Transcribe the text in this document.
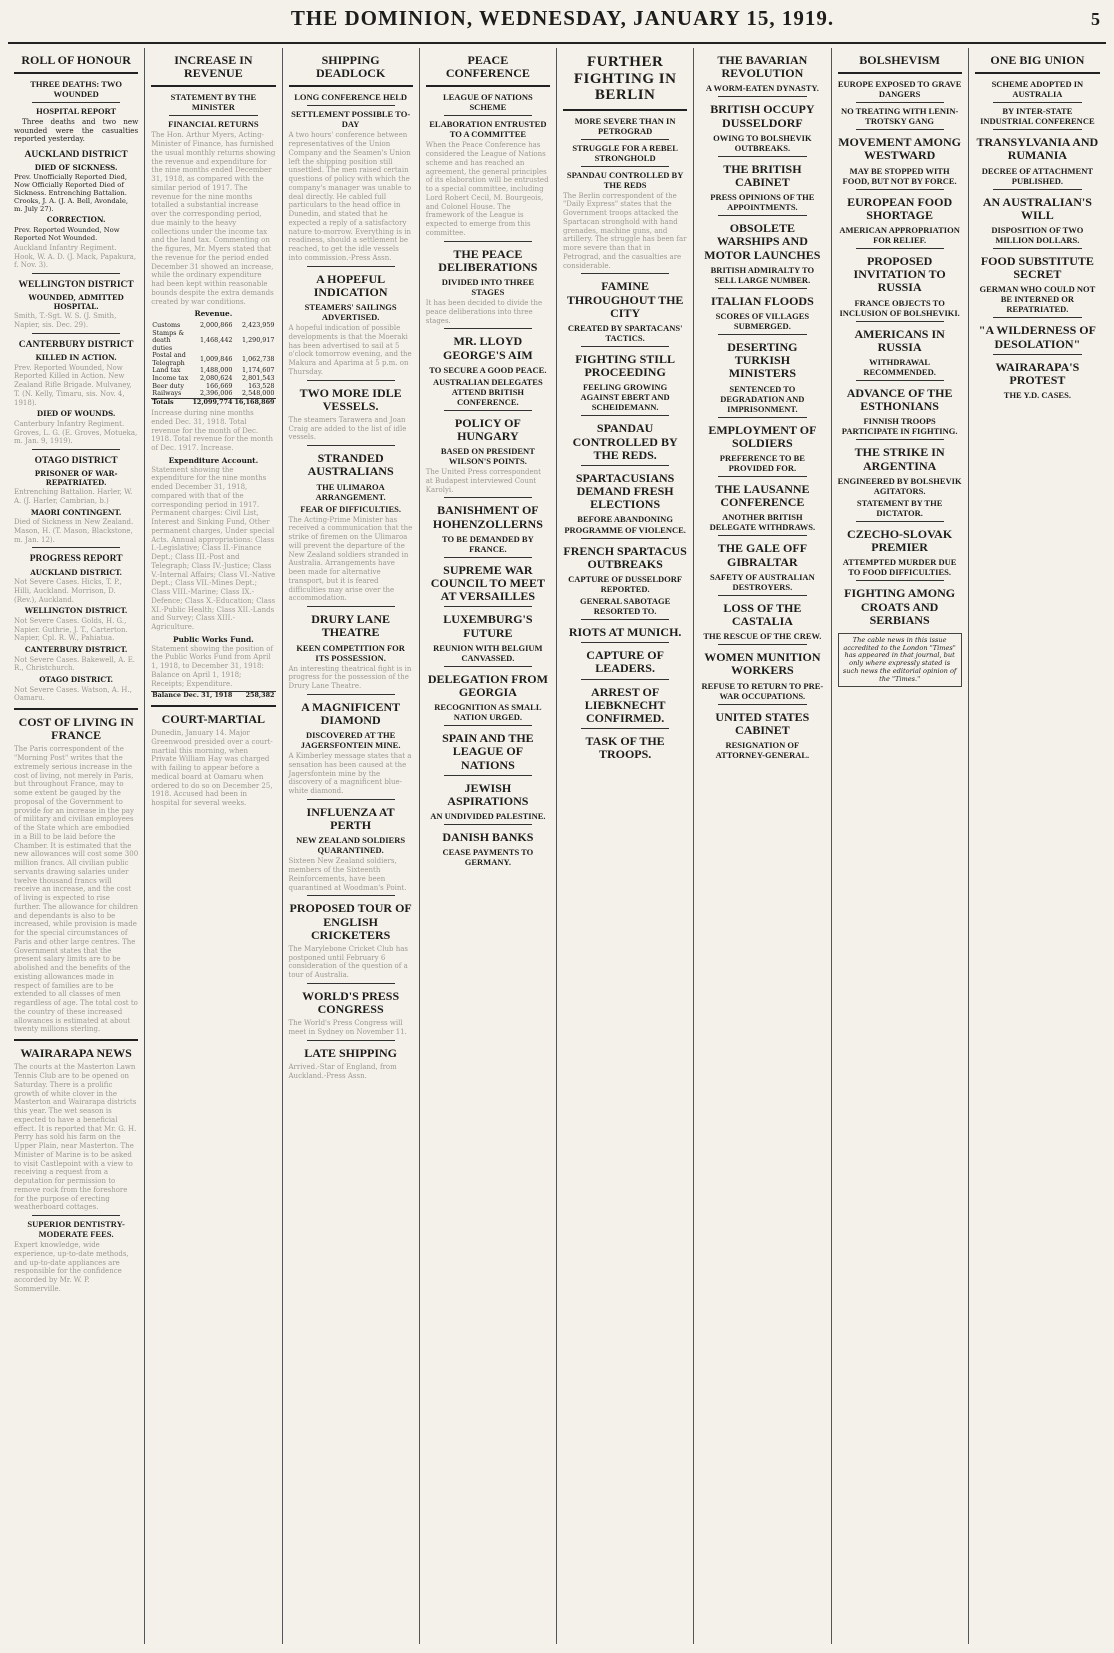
THE DOMINION, WEDNESDAY, JANUARY 15, 1919.	5
ROLL OF HONOUR
THREE DEATHS: TWO WOUNDED
HOSPITAL REPORT

Three deaths and two new wounded were the casualties reported yesterday.

AUCKLAND DISTRICT
DIED OF SICKNESS.
Prev. Unofficially Reported Died, Now Officially Reported Died of Sickness. Entrenching Battalion. Crooks, J. A. (J. A. Bell, Avondale, m. July 27).
CORRECTION.
Prev. Reported Wounded, Now Reported Not Wounded.
Auckland Infantry Regiment.
Hook, W. A. D. (J. Mack, Papakura, f. Nov. 3).
WELLINGTON DISTRICT
WOUNDED, ADMITTED HOSPITAL.
Smith, T.-Sgt. W. S. (J. Smith, Napier, sis. Dec. 29).
CANTERBURY DISTRICT
KILLED IN ACTION.
Prev. Reported Wounded, Now Reported Killed in Action. New Zealand Rifle Brigade. Mulvaney, T. (N. Kelly, Timaru, sis. Nov. 4, 1918).
DIED OF WOUNDS.
Canterbury Infantry Regiment. Groves, L. G. (E. Groves, Motueka, m. Jan. 9, 1919).
OTAGO DISTRICT
PRISONER OF WAR-REPATRIATED.
Entrenching Battalion. Harler, W. A. (J. Harler, Cambrian, b.)
MAORI CONTINGENT.
Died of Sickness in New Zealand. Mason, H. (T. Mason, Blackstone, m. Jan. 12).
PROGRESS REPORT
AUCKLAND DISTRICT.
Not Severe Cases. Hicks, T. P., Hilli, Auckland. Morrison, D. (Rev.), Auckland.
WELLINGTON DISTRICT.
Not Severe Cases. Golds, H. G., Napier. Guthrie, J. T., Carterton. Napier, Cpl. R. W., Pahiatua.
CANTERBURY DISTRICT.
Not Severe Cases. Bakewell, A. E. R., Christchurch.
OTAGO DISTRICT.
Not Severe Cases. Watson, A. H., Oamaru.
COST OF LIVING IN FRANCE
The Paris correspondent of the "Morning Post" writes that the extremely serious increase in the cost of living, not merely in Paris, but throughout France, may to some extent be gauged by the proposal of the Government to provide for an increase in the pay of military and civilian employees of the State which are embodied in a Bill to be laid before the Chamber. It is estimated that the new allowances will cost some 300 million francs. All civilian public servants drawing salaries under twelve thousand francs will receive an increase, and the cost of living is expected to rise further. The allowance for children and dependants is also to be increased, while provision is made for the special circumstances of Paris and other large centres. The Government states that the present salary limits are to be abolished and the benefits of the existing allowances made in respect of families are to be extended to all classes of men regardless of age. The total cost to the country of these increased allowances is estimated at about twenty millions sterling.
WAIRARAPA NEWS
The courts at the Masterton Lawn Tennis Club are to be opened on Saturday. There is a prolific growth of white clover in the Masterton and Wairarapa districts this year. The wet season is expected to have a beneficial effect. It is reported that Mr. G. H. Perry has sold his farm on the Upper Plain, near Masterton. The Minister of Marine is to be asked to visit Castlepoint with a view to receiving a request from a deputation for permission to remove rock from the foreshore for the purpose of erecting weatherboard cottages.
SUPERIOR DENTISTRY-MODERATE FEES.
Expert knowledge, wide experience, up-to-date methods, and up-to-date appliances are responsible for the confidence accorded by Mr. W. P. Sommerville.
INCREASE IN REVENUE
STATEMENT BY THE MINISTER
FINANCIAL RETURNS
The Hon. Arthur Myers, Acting-Minister of Finance, has furnished the usual monthly returns showing the revenue and expenditure for the nine months ended December 31, 1918, as compared with the similar period of 1917. The revenue for the nine months totalled a substantial increase over the corresponding period, due mainly to the heavy collections under the income tax and the land tax. Commenting on the figures, Mr. Myers stated that the revenue for the period ended December 31 showed an increase, while the ordinary expenditure had been kept within reasonable bounds despite the extra demands created by war conditions.
Revenue.
Customs	2,000,866	2,423,959
Stamps & death duties	1,468,442	1,290,917
Postal and Telegraph	1,009,846	1,062,738
Land tax	1,488,000	1,174,607
Income tax	2,080,624	2,801,543
Beer duty	166,669	163,528
Railways	2,396,006	2,548,000
Totals	12,099,774	16,168,869
Increase during nine months ended Dec. 31, 1918. Total revenue for the month of Dec. 1918. Total revenue for the month of Dec. 1917. Increase.
Expenditure Account.
Statement showing the expenditure for the nine months ended December 31, 1918, compared with that of the corresponding period in 1917. Permanent charges: Civil List, Interest and Sinking Fund, Other permanent charges, Under special Acts. Annual appropriations: Class I.-Legislative; Class II.-Finance Dept.; Class III.-Post and Telegraph; Class IV.-Justice; Class V.-Internal Affairs; Class VI.-Native Dept.; Class VII.-Mines Dept.; Class VIII.-Marine; Class IX.-Defence; Class X.-Education; Class XI.-Public Health; Class XII.-Lands and Survey; Class XIII.-Agriculture.
Public Works Fund.
Statement showing the position of the Public Works Fund from April 1, 1918, to December 31, 1918: Balance on April 1, 1918; Receipts; Expenditure.
Balance Dec. 31, 1918	258,382
COURT-MARTIAL
Dunedin, January 14. Major Greenwood presided over a court-martial this morning, when Private William Hay was charged with failing to appear before a medical board at Oamaru when ordered to do so on December 25, 1918. Accused had been in hospital for several weeks.
SHIPPING DEADLOCK
LONG CONFERENCE HELD
SETTLEMENT POSSIBLE TO-DAY
A two hours' conference between representatives of the Union Company and the Seamen's Union left the shipping position still unsettled. The men raised certain questions of policy with which the company's manager was unable to deal directly. He cabled full particulars to the head office in Dunedin, and stated that he expected a reply of a satisfactory nature to-morrow. Everything is in readiness, should a settlement be reached, to get the idle vessels into commission.-Press Assn.
A HOPEFUL INDICATION
STEAMERS' SAILINGS ADVERTISED.
A hopeful indication of possible developments is that the Moeraki has been advertised to sail at 5 o'clock tomorrow evening, and the Makura and Aparima at 5 p.m. on Thursday.
TWO MORE IDLE VESSELS.
The steamers Tarawera and Joan Craig are added to the list of idle vessels.
STRANDED AUSTRALIANS
THE ULIMAROA ARRANGEMENT.
FEAR OF DIFFICULTIES.
The Acting-Prime Minister has received a communication that the strike of firemen on the Ulimaroa will prevent the departure of the New Zealand soldiers stranded in Australia. Arrangements have been made for alternative transport, but it is feared difficulties may arise over the accommodation.
DRURY LANE THEATRE
KEEN COMPETITION FOR ITS POSSESSION.
An interesting theatrical fight is in progress for the possession of the Drury Lane Theatre.
A MAGNIFICENT DIAMOND
DISCOVERED AT THE JAGERSFONTEIN MINE.
A Kimberley message states that a sensation has been caused at the Jagersfontein mine by the discovery of a magnificent blue-white diamond.
INFLUENZA AT PERTH
NEW ZEALAND SOLDIERS QUARANTINED.
Sixteen New Zealand soldiers, members of the Sixteenth Reinforcements, have been quarantined at Woodman's Point.
PROPOSED TOUR OF ENGLISH CRICKETERS
The Marylebone Cricket Club has postponed until February 6 consideration of the question of a tour of Australia.
WORLD'S PRESS CONGRESS
The World's Press Congress will meet in Sydney on November 11.
LATE SHIPPING
Arrived.-Star of England, from Auckland.-Press Assn.
PEACE CONFERENCE
LEAGUE OF NATIONS SCHEME
ELABORATION ENTRUSTED TO A COMMITTEE
When the Peace Conference has considered the League of Nations scheme and has reached an agreement, the general principles of its elaboration will be entrusted to a special committee, including Lord Robert Cecil, M. Bourgeois, and Colonel House. The framework of the League is expected to emerge from this committee.
THE PEACE DELIBERATIONS
DIVIDED INTO THREE STAGES
It has been decided to divide the peace deliberations into three stages.
MR. LLOYD GEORGE'S AIM
TO SECURE A GOOD PEACE.
AUSTRALIAN DELEGATES ATTEND BRITISH CONFERENCE.
POLICY OF HUNGARY
BASED ON PRESIDENT WILSON'S POINTS.
The United Press correspondent at Budapest interviewed Count Karolyi.
BANISHMENT OF HOHENZOLLERNS
TO BE DEMANDED BY FRANCE.
SUPREME WAR COUNCIL TO MEET AT VERSAILLES
LUXEMBURG'S FUTURE
REUNION WITH BELGIUM CANVASSED.
DELEGATION FROM GEORGIA
RECOGNITION AS SMALL NATION URGED.
SPAIN AND THE LEAGUE OF NATIONS
JEWISH ASPIRATIONS
AN UNDIVIDED PALESTINE.
DANISH BANKS
CEASE PAYMENTS TO GERMANY.
FURTHER FIGHTING IN BERLIN
MORE SEVERE THAN IN PETROGRAD
STRUGGLE FOR A REBEL STRONGHOLD
SPANDAU CONTROLLED BY THE REDS
The Berlin correspondent of the "Daily Express" states that the Government troops attacked the Spartacan stronghold with hand grenades, machine guns, and artillery. The struggle has been far more severe than that in Petrograd, and the casualties are considerable.
FAMINE THROUGHOUT THE CITY
CREATED BY SPARTACANS' TACTICS.
FIGHTING STILL PROCEEDING
FEELING GROWING AGAINST EBERT AND SCHEIDEMANN.
SPANDAU CONTROLLED BY THE REDS.
SPARTACUSIANS DEMAND FRESH ELECTIONS
BEFORE ABANDONING PROGRAMME OF VIOLENCE.
FRENCH SPARTACUS OUTBREAKS
CAPTURE OF DUSSELDORF REPORTED.
GENERAL SABOTAGE RESORTED TO.
RIOTS AT MUNICH.
CAPTURE OF LEADERS.
ARREST OF LIEBKNECHT CONFIRMED.
TASK OF THE TROOPS.
THE BAVARIAN REVOLUTION
A WORM-EATEN DYNASTY.
BRITISH OCCUPY DUSSELDORF
OWING TO BOLSHEVIK OUTBREAKS.
THE BRITISH CABINET
PRESS OPINIONS OF THE APPOINTMENTS.
OBSOLETE WARSHIPS AND MOTOR LAUNCHES
BRITISH ADMIRALTY TO SELL LARGE NUMBER.
ITALIAN FLOODS
SCORES OF VILLAGES SUBMERGED.
DESERTING TURKISH MINISTERS
SENTENCED TO DEGRADATION AND IMPRISONMENT.
EMPLOYMENT OF SOLDIERS
PREFERENCE TO BE PROVIDED FOR.
THE LAUSANNE CONFERENCE
ANOTHER BRITISH DELEGATE WITHDRAWS.
THE GALE OFF GIBRALTAR
SAFETY OF AUSTRALIAN DESTROYERS.
LOSS OF THE CASTALIA
THE RESCUE OF THE CREW.
WOMEN MUNITION WORKERS
REFUSE TO RETURN TO PRE-WAR OCCUPATIONS.
UNITED STATES CABINET
RESIGNATION OF ATTORNEY-GENERAL.
BOLSHEVISM
EUROPE EXPOSED TO GRAVE DANGERS
NO TREATING WITH LENIN-TROTSKY GANG
MOVEMENT AMONG WESTWARD
MAY BE STOPPED WITH FOOD, BUT NOT BY FORCE.
EUROPEAN FOOD SHORTAGE
AMERICAN APPROPRIATION FOR RELIEF.
PROPOSED INVITATION TO RUSSIA
FRANCE OBJECTS TO INCLUSION OF BOLSHEVIKI.
AMERICANS IN RUSSIA
WITHDRAWAL RECOMMENDED.
ADVANCE OF THE ESTHONIANS
FINNISH TROOPS PARTICIPATE IN FIGHTING.
THE STRIKE IN ARGENTINA
ENGINEERED BY BOLSHEVIK AGITATORS.
STATEMENT BY THE DICTATOR.
CZECHO-SLOVAK PREMIER
ATTEMPTED MURDER DUE TO FOOD DIFFICULTIES.
FIGHTING AMONG CROATS AND SERBIANS
The cable news in this issue accredited to the London "Times" has appeared in that journal, but only where expressly stated is such news the editorial opinion of the "Times."
ONE BIG UNION
SCHEME ADOPTED IN AUSTRALIA
BY INTER-STATE INDUSTRIAL CONFERENCE
TRANSYLVANIA AND RUMANIA
DECREE OF ATTACHMENT PUBLISHED.
AN AUSTRALIAN'S WILL
DISPOSITION OF TWO MILLION DOLLARS.
FOOD SUBSTITUTE SECRET
GERMAN WHO COULD NOT BE INTERNED OR REPATRIATED.
"A WILDERNESS OF DESOLATION"
WAIRARAPA'S PROTEST
THE Y.D. CASES.
